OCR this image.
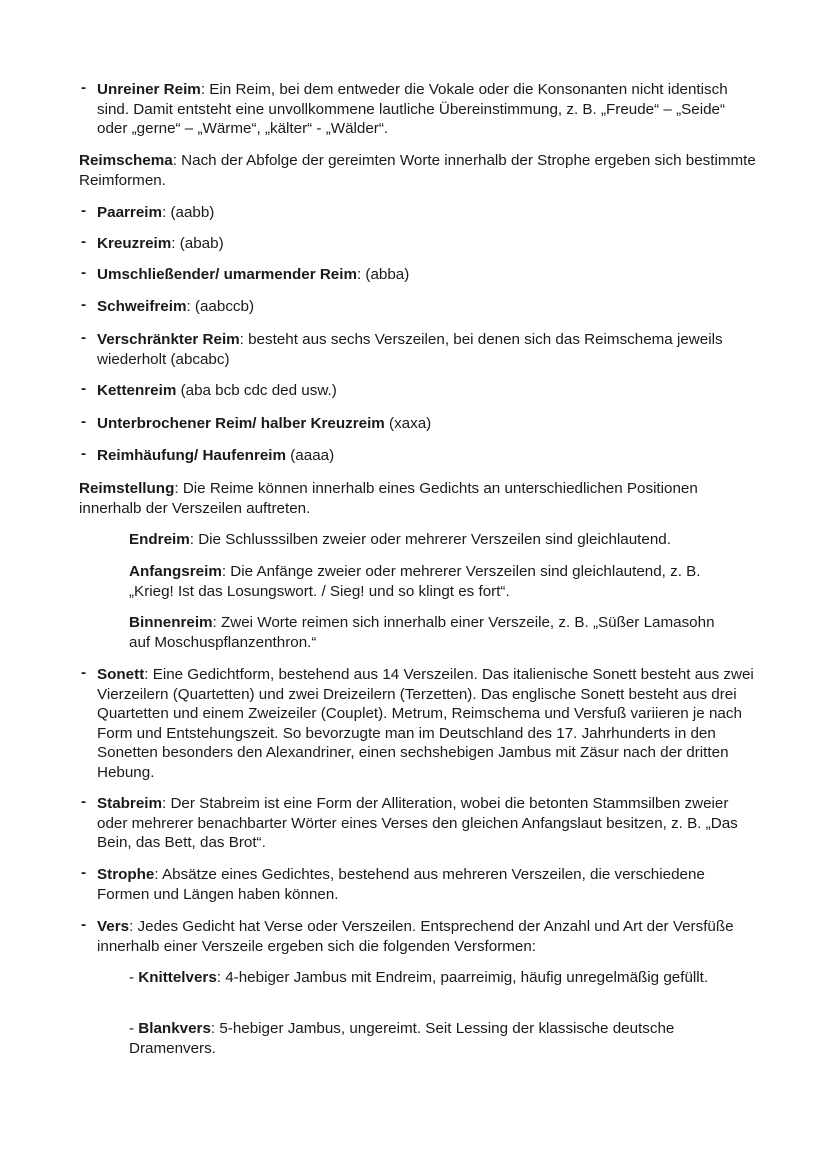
- Unreiner Reim: Ein Reim, bei dem entweder die Vokale oder die Konsonanten nicht identisch sind. Damit entsteht eine unvollkommene lautliche Übereinstimmung, z. B. „Freude“ – „Seide“ oder „gerne“ – „Wärme“, „kälter“ - „Wälder“.

Reimschema: Nach der Abfolge der gereimten Worte innerhalb der Strophe ergeben sich bestimmte Reimformen.

- Paarreim: (aabb)
- Kreuzreim: (abab)
- Umschließender/ umarmender Reim: (abba)
- Schweifreim: (aabccb)
- Verschränkter Reim: besteht aus sechs Verszeilen, bei denen sich das Reimschema jeweils wiederholt (abcabc)
- Kettenreim (aba bcb cdc ded usw.)
- Unterbrochener Reim/ halber Kreuzreim (xaxa)
- Reimhäufung/ Haufenreim (aaaa)

Reimstellung: Die Reime können innerhalb eines Gedichts an unterschiedlichen Positionen innerhalb der Verszeilen auftreten.

Endreim: Die Schlusssilben zweier oder mehrerer Verszeilen sind gleichlautend.

Anfangsreim: Die Anfänge zweier oder mehrerer Verszeilen sind gleichlautend, z. B. „Krieg! Ist das Losungswort. / Sieg! und so klingt es fort“.

Binnenreim: Zwei Worte reimen sich innerhalb einer Verszeile, z. B. „Süßer Lamasohn auf Moschuspflanzenthron.“

- Sonett: Eine Gedichtform, bestehend aus 14 Verszeilen. Das italienische Sonett besteht aus zwei Vierzeilern (Quartetten) und zwei Dreizeilern (Terzetten). Das englische Sonett besteht aus drei Quartetten und einem Zweizeiler (Couplet). Metrum, Reimschema und Versfuß variieren je nach Form und Entstehungszeit. So bevorzugte man im Deutschland des 17. Jahrhunderts in den Sonetten besonders den Alexandriner, einen sechshebigen Jambus mit Zäsur nach der dritten Hebung.
- Stabreim: Der Stabreim ist eine Form der Alliteration, wobei die betonten Stammsilben zweier oder mehrerer benachbarter Wörter eines Verses den gleichen Anfangslaut besitzen, z. B. „Das Bein, das Bett, das Brot“.
- Strophe: Absätze eines Gedichtes, bestehend aus mehreren Verszeilen, die verschiedene Formen und Längen haben können.
- Vers: Jedes Gedicht hat Verse oder Verszeilen. Entsprechend der Anzahl und Art der Versfüße innerhalb einer Verszeile ergeben sich die folgenden Versformen:

- Knittelvers: 4-hebiger Jambus mit Endreim, paarreimig, häufig unregelmäßig gefüllt.

- Blankvers: 5-hebiger Jambus, ungereimt. Seit Lessing der klassische deutsche Dramenvers.
